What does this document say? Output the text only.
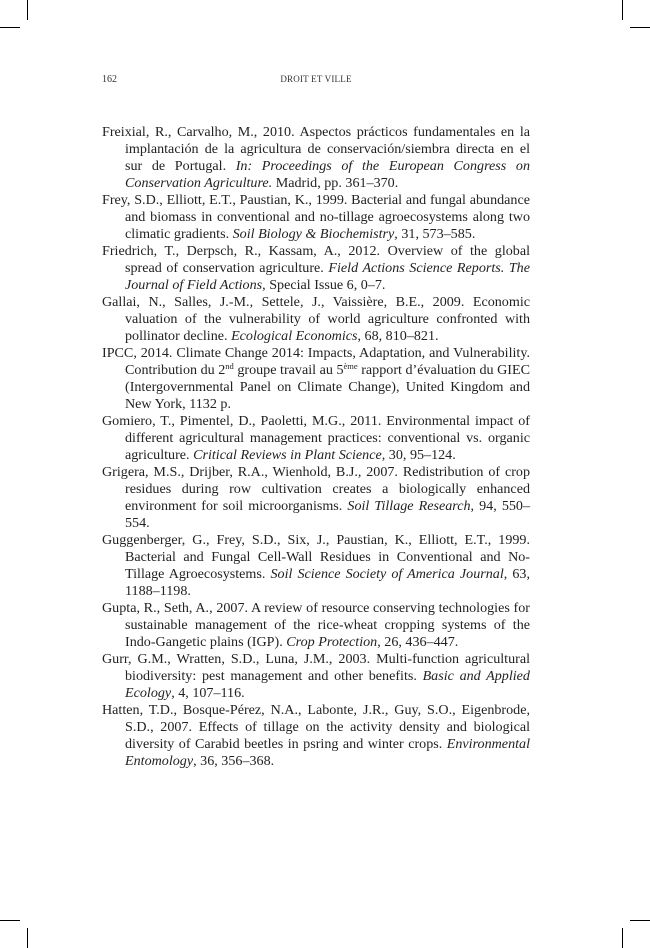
162	DROIT ET VILLE

Freixial, R., Carvalho, M., 2010. Aspectos prácticos fundamentales en la implantación de la agricultura de conservación/siembra directa en el sur de Portugal. In: Proceedings of the European Congress on Conservation Agriculture. Madrid, pp. 361–370.

Frey, S.D., Elliott, E.T., Paustian, K., 1999. Bacterial and fungal abundance and biomass in conventional and no-tillage agroecosystems along two climatic gradients. Soil Biology & Biochemistry, 31, 573–585.

Friedrich, T., Derpsch, R., Kassam, A., 2012. Overview of the global spread of conservation agriculture. Field Actions Science Reports. The Journal of Field Actions, Special Issue 6, 0–7.

Gallai, N., Salles, J.-M., Settele, J., Vaissière, B.E., 2009. Economic valuation of the vulnerability of world agriculture confronted with pollinator decline. Ecological Economics, 68, 810–821.

IPCC, 2014. Climate Change 2014: Impacts, Adaptation, and Vulnerability. Contribution du 2nd groupe travail au 5ème rapport d’évaluation du GIEC (Intergovernmental Panel on Climate Change), United Kingdom and New York, 1132 p.

Gomiero, T., Pimentel, D., Paoletti, M.G., 2011. Environmental impact of different agricultural management practices: conventional vs. organic agriculture. Critical Reviews in Plant Science, 30, 95–124.

Grigera, M.S., Drijber, R.A., Wienhold, B.J., 2007. Redistribution of crop residues during row cultivation creates a biologically enhanced environment for soil microorganisms. Soil Tillage Research, 94, 550–554.

Guggenberger, G., Frey, S.D., Six, J., Paustian, K., Elliott, E.T., 1999. Bacterial and Fungal Cell-Wall Residues in Conventional and No-Tillage Agroecosystems. Soil Science Society of America Journal, 63, 1188–1198.

Gupta, R., Seth, A., 2007. A review of resource conserving technologies for sustainable management of the rice-wheat cropping systems of the Indo-Gangetic plains (IGP). Crop Protection, 26, 436–447.

Gurr, G.M., Wratten, S.D., Luna, J.M., 2003. Multi-function agricultural biodiversity: pest management and other benefits. Basic and Applied Ecology, 4, 107–116.

Hatten, T.D., Bosque-Pérez, N.A., Labonte, J.R., Guy, S.O., Eigenbrode, S.D., 2007. Effects of tillage on the activity density and biological diversity of Carabid beetles in psring and winter crops. Environmental Entomology, 36, 356–368.
